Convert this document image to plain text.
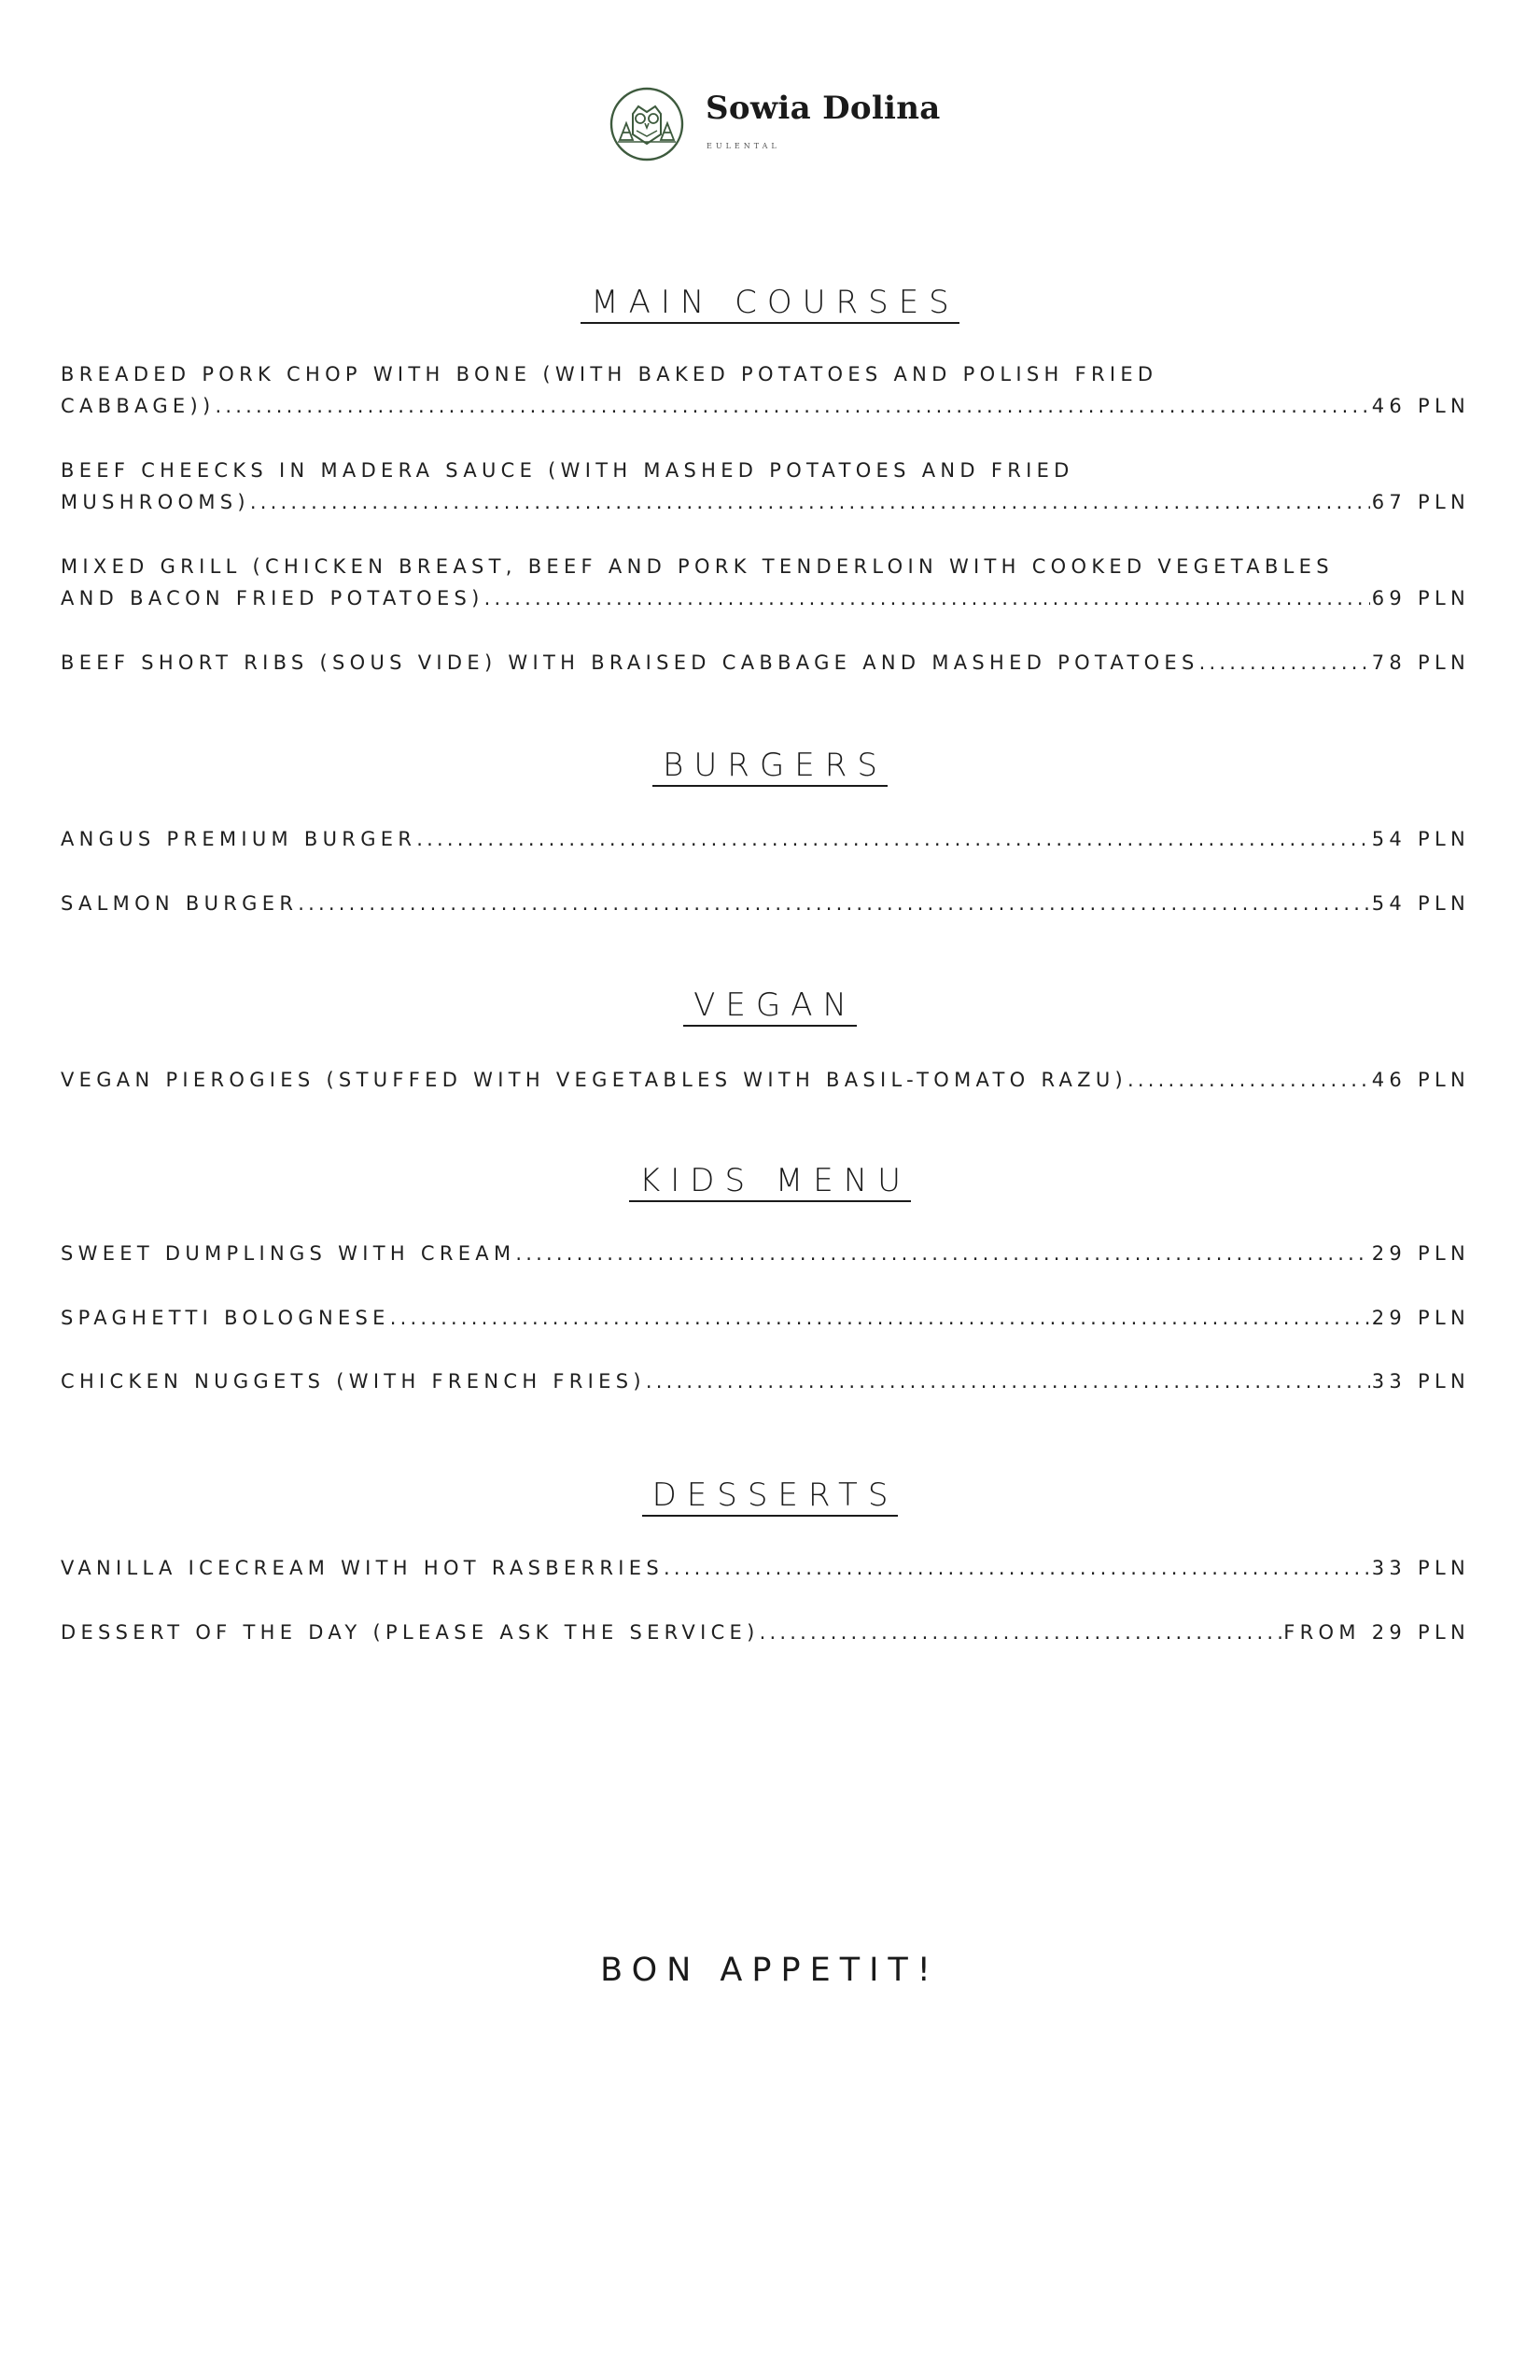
Sowia Dolina
EULENTAL
MAIN COURSES
BREADED PORK CHOP WITH BONE (WITH BAKED POTATOES AND POLISH FRIED
CABBAGE)) .....	46 PLN
BEEF CHEECKS IN MADERA SAUCE (WITH MASHED POTATOES AND FRIED
MUSHROOMS) .....	67 PLN
MIXED GRILL (CHICKEN BREAST, BEEF AND PORK TENDERLOIN WITH COOKED VEGETABLES
AND BACON FRIED POTATOES) .....	69 PLN
BEEF SHORT RIBS (SOUS VIDE) WITH BRAISED CABBAGE AND MASHED POTATOES .....	78 PLN
BURGERS
ANGUS PREMIUM BURGER .....	54 PLN
SALMON BURGER .....	54 PLN
VEGAN
VEGAN PIEROGIES (STUFFED WITH VEGETABLES WITH BASIL-TOMATO RAZU) .....	46 PLN
KIDS MENU
SWEET DUMPLINGS WITH CREAM .....	29 PLN
SPAGHETTI BOLOGNESE .....	29 PLN
CHICKEN NUGGETS (WITH FRENCH FRIES) .....	33 PLN
DESSERTS
VANILLA ICECREAM WITH HOT RASBERRIES .....	33 PLN
DESSERT OF THE DAY (PLEASE ASK THE SERVICE) .....	FROM 29 PLN
BON APPETIT!
